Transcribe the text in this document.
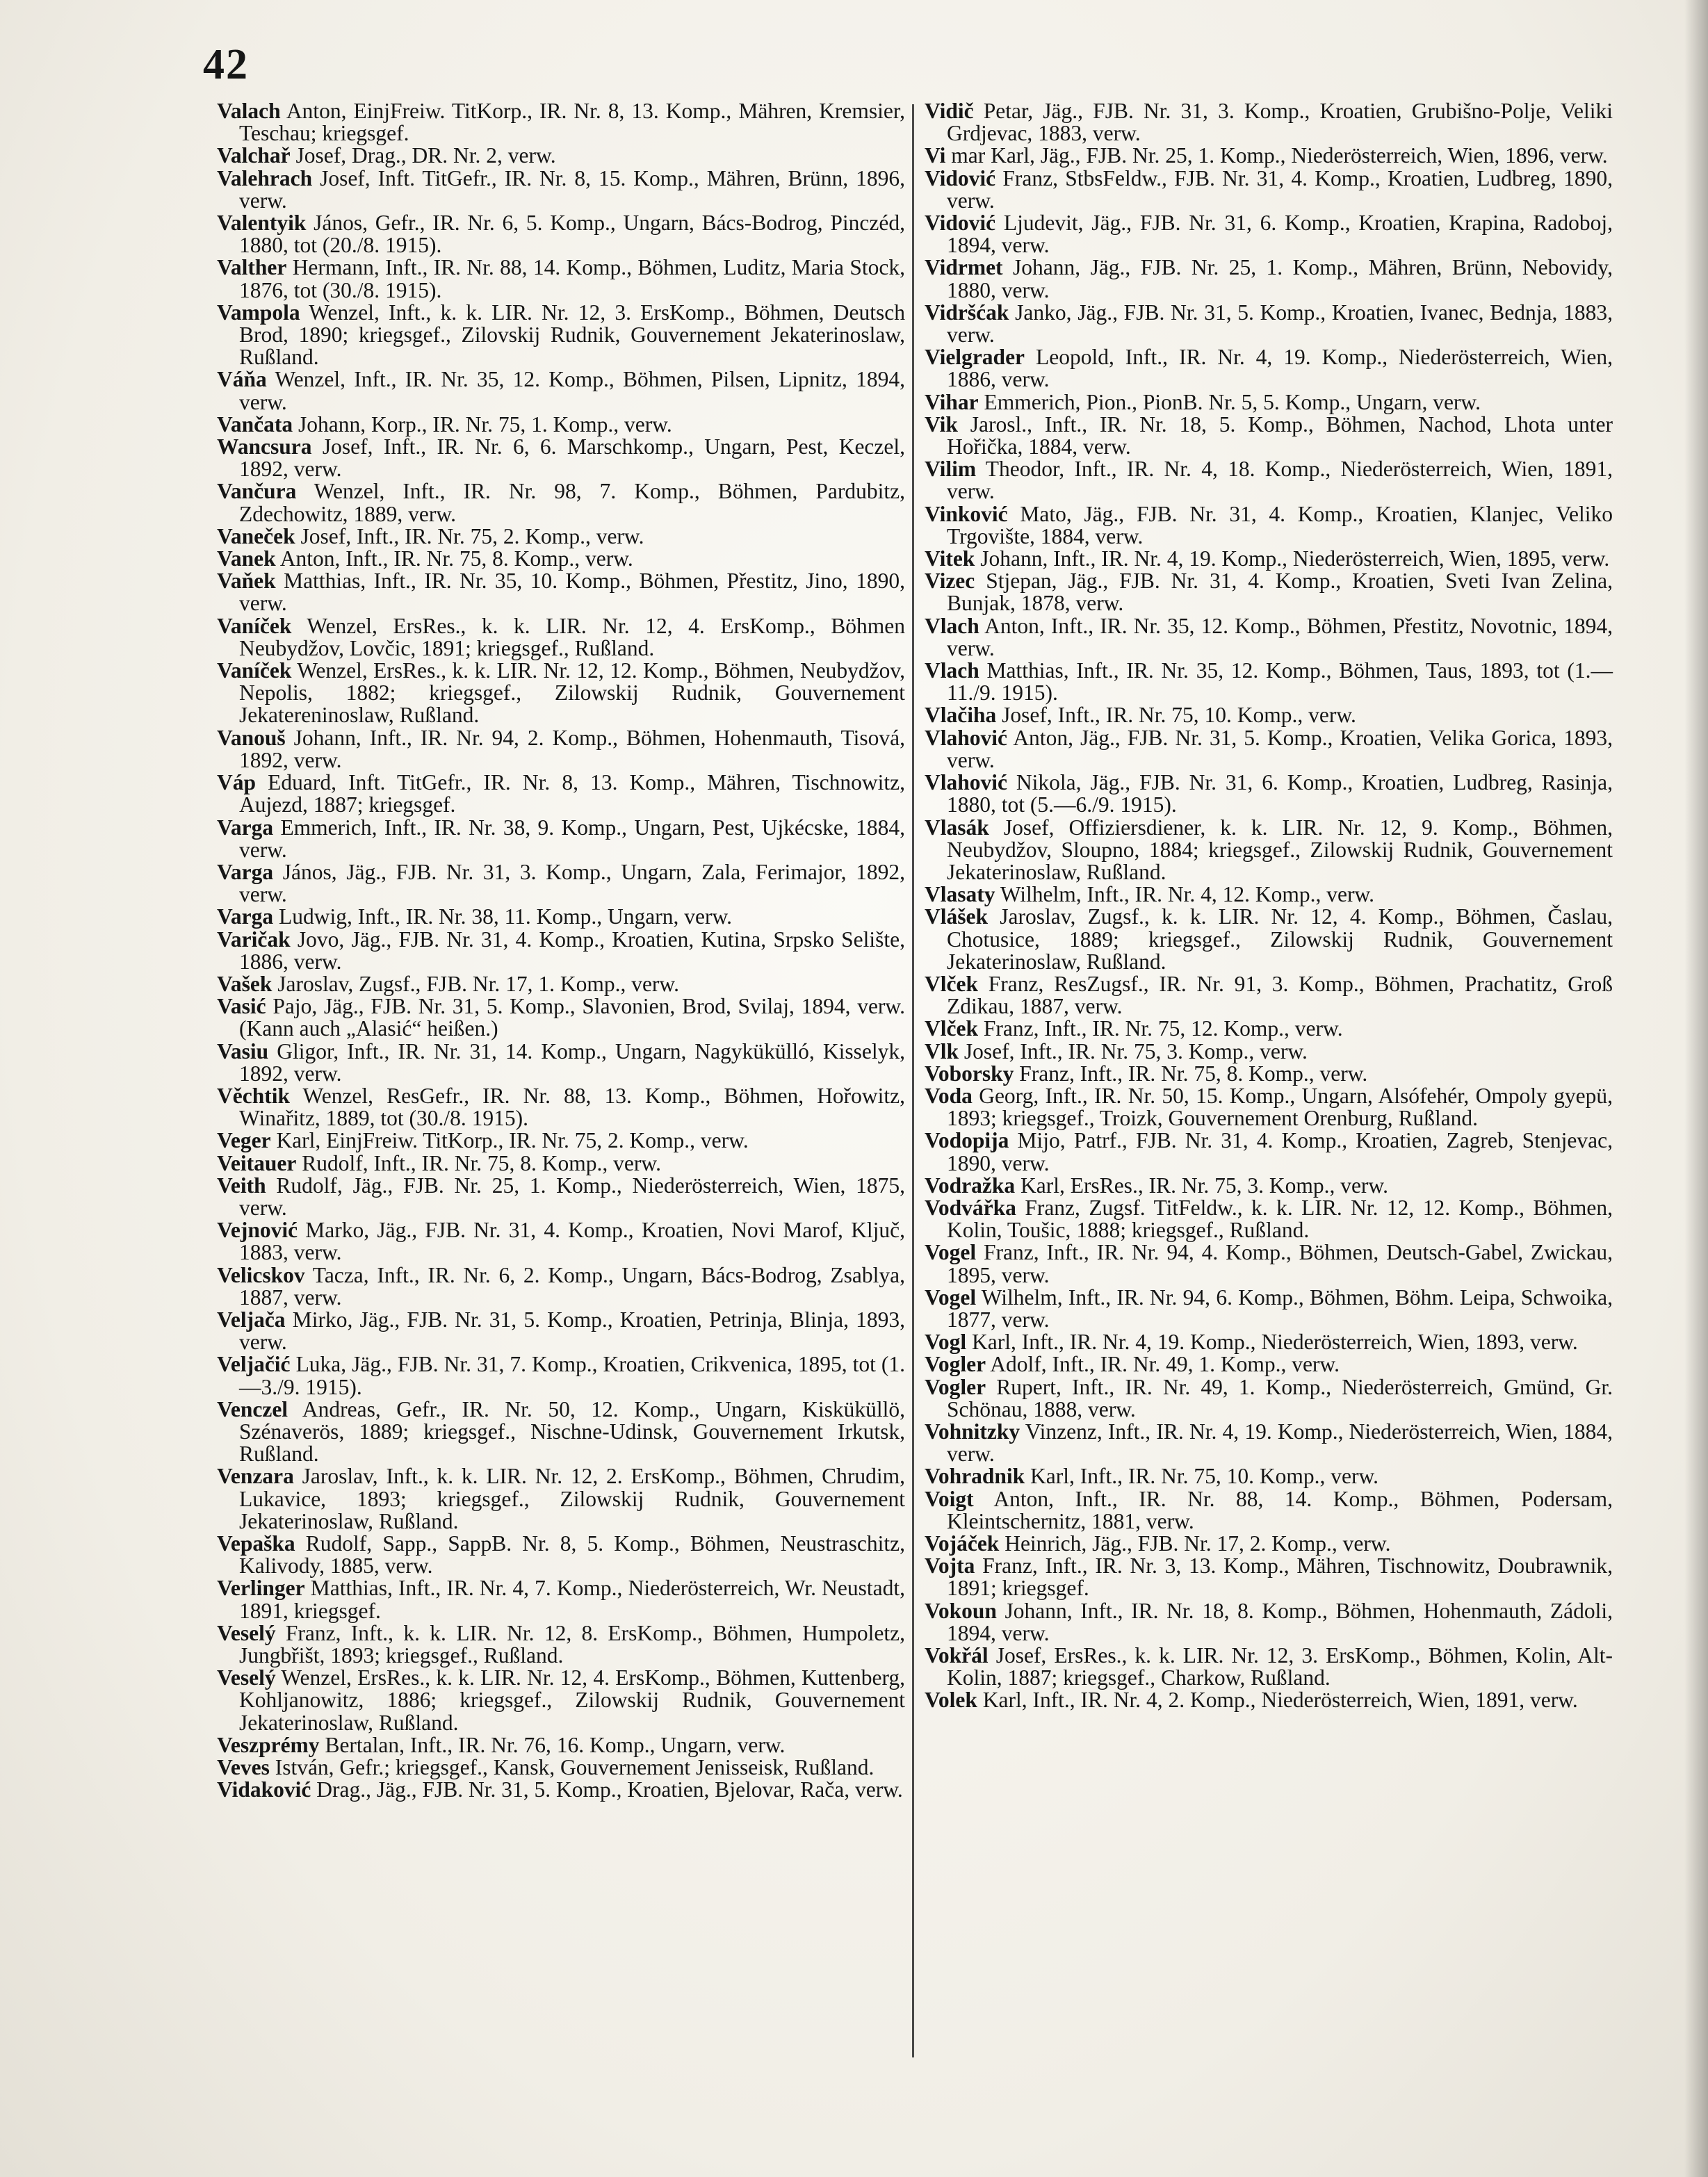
42

Valach Anton, EinjFreiw. TitKorp., IR. Nr. 8, 13. Komp., Mähren, Kremsier, Teschau; kriegsgef.

Valchař Josef, Drag., DR. Nr. 2, verw.

Valehrach Josef, Inft. TitGefr., IR. Nr. 8, 15. Komp., Mähren, Brünn, 1896, verw.

Valentyik János, Gefr., IR. Nr. 6, 5. Komp., Ungarn, Bács-Bodrog, Pinczéd, 1880, tot (20./8. 1915).

Valther Hermann, Inft., IR. Nr. 88, 14. Komp., Böhmen, Luditz, Maria Stock, 1876, tot (30./8. 1915).

Vampola Wenzel, Inft., k. k. LIR. Nr. 12, 3. ErsKomp., Böhmen, Deutsch Brod, 1890; kriegsgef., Zilovskij Rudnik, Gouvernement Jekaterinoslaw, Rußland.

Váňa Wenzel, Inft., IR. Nr. 35, 12. Komp., Böhmen, Pilsen, Lipnitz, 1894, verw.

Vančata Johann, Korp., IR. Nr. 75, 1. Komp., verw.

Wancsura Josef, Inft., IR. Nr. 6, 6. Marschkomp., Ungarn, Pest, Keczel, 1892, verw.

Vančura Wenzel, Inft., IR. Nr. 98, 7. Komp., Böhmen, Pardubitz, Zdechowitz, 1889, verw.

Vaneček Josef, Inft., IR. Nr. 75, 2. Komp., verw.

Vanek Anton, Inft., IR. Nr. 75, 8. Komp., verw.

Vaňek Matthias, Inft., IR. Nr. 35, 10. Komp., Böhmen, Přestitz, Jino, 1890, verw.

Vaníček Wenzel, ErsRes., k. k. LIR. Nr. 12, 4. ErsKomp., Böhmen Neubydžov, Lovčic, 1891; kriegsgef., Rußland.

Vaníček Wenzel, ErsRes., k. k. LIR. Nr. 12, 12. Komp., Böhmen, Neubydžov, Nepolis, 1882; kriegsgef., Zilowskij Rudnik, Gouvernement Jekatereninoslaw, Rußland.

Vanouš Johann, Inft., IR. Nr. 94, 2. Komp., Böhmen, Hohenmauth, Tisová, 1892, verw.

Váp Eduard, Inft. TitGefr., IR. Nr. 8, 13. Komp., Mähren, Tischnowitz, Aujezd, 1887; kriegsgef.

Varga Emmerich, Inft., IR. Nr. 38, 9. Komp., Ungarn, Pest, Ujkécske, 1884, verw.

Varga János, Jäg., FJB. Nr. 31, 3. Komp., Ungarn, Zala, Ferimajor, 1892, verw.

Varga Ludwig, Inft., IR. Nr. 38, 11. Komp., Ungarn, verw.

Varičak Jovo, Jäg., FJB. Nr. 31, 4. Komp., Kroatien, Kutina, Srpsko Selište, 1886, verw.

Vašek Jaroslav, Zugsf., FJB. Nr. 17, 1. Komp., verw.

Vasić Pajo, Jäg., FJB. Nr. 31, 5. Komp., Slavonien, Brod, Svilaj, 1894, verw. (Kann auch „Alasić“ heißen.)

Vasiu Gligor, Inft., IR. Nr. 31, 14. Komp., Ungarn, Nagykükülló, Kisselyk, 1892, verw.

Věchtik Wenzel, ResGefr., IR. Nr. 88, 13. Komp., Böhmen, Hořowitz, Winařitz, 1889, tot (30./8. 1915).

Veger Karl, EinjFreiw. TitKorp., IR. Nr. 75, 2. Komp., verw.

Veitauer Rudolf, Inft., IR. Nr. 75, 8. Komp., verw.

Veith Rudolf, Jäg., FJB. Nr. 25, 1. Komp., Niederösterreich, Wien, 1875, verw.

Vejnović Marko, Jäg., FJB. Nr. 31, 4. Komp., Kroatien, Novi Marof, Ključ, 1883, verw.

Velicskov Tacza, Inft., IR. Nr. 6, 2. Komp., Ungarn, Bács-Bodrog, Zsablya, 1887, verw.

Veljača Mirko, Jäg., FJB. Nr. 31, 5. Komp., Kroatien, Petrinja, Blinja, 1893, verw.

Veljačić Luka, Jäg., FJB. Nr. 31, 7. Komp., Kroatien, Crikvenica, 1895, tot (1.—3./9. 1915).

Venczel Andreas, Gefr., IR. Nr. 50, 12. Komp., Ungarn, Kisküküllö, Szénaverös, 1889; kriegsgef., Nischne-Udinsk, Gouvernement Irkutsk, Rußland.

Venzara Jaroslav, Inft., k. k. LIR. Nr. 12, 2. ErsKomp., Böhmen, Chrudim, Lukavice, 1893; kriegsgef., Zilowskij Rudnik, Gouvernement Jekaterinoslaw, Rußland.

Vepaška Rudolf, Sapp., SappB. Nr. 8, 5. Komp., Böhmen, Neustraschitz, Kalivody, 1885, verw.

Verlinger Matthias, Inft., IR. Nr. 4, 7. Komp., Niederösterreich, Wr. Neustadt, 1891, kriegsgef.

Veselý Franz, Inft., k. k. LIR. Nr. 12, 8. ErsKomp., Böhmen, Humpoletz, Jungbřišt, 1893; kriegsgef., Rußland.

Veselý Wenzel, ErsRes., k. k. LIR. Nr. 12, 4. ErsKomp., Böhmen, Kuttenberg, Kohljanowitz, 1886; kriegsgef., Zilowskij Rudnik, Gouvernement Jekaterinoslaw, Rußland.

Veszprémy Bertalan, Inft., IR. Nr. 76, 16. Komp., Ungarn, verw.

Veves István, Gefr.; kriegsgef., Kansk, Gouvernement Jenisseisk, Rußland.

Vidaković Drag., Jäg., FJB. Nr. 31, 5. Komp., Kroatien, Bjelovar, Rača, verw.

Vidič Petar, Jäg., FJB. Nr. 31, 3. Komp., Kroatien, Grubišno-Polje, Veliki Grdjevac, 1883, verw.

Vi mar Karl, Jäg., FJB. Nr. 25, 1. Komp., Niederösterreich, Wien, 1896, verw.

Vidović Franz, StbsFeldw., FJB. Nr. 31, 4. Komp., Kroatien, Ludbreg, 1890, verw.

Vidović Ljudevit, Jäg., FJB. Nr. 31, 6. Komp., Kroatien, Krapina, Radoboj, 1894, verw.

Vidrmet Johann, Jäg., FJB. Nr. 25, 1. Komp., Mähren, Brünn, Nebovidy, 1880, verw.

Vidršćak Janko, Jäg., FJB. Nr. 31, 5. Komp., Kroatien, Ivanec, Bednja, 1883, verw.

Vielgrader Leopold, Inft., IR. Nr. 4, 19. Komp., Niederösterreich, Wien, 1886, verw.

Vihar Emmerich, Pion., PionB. Nr. 5, 5. Komp., Ungarn, verw.

Vik Jarosl., Inft., IR. Nr. 18, 5. Komp., Böhmen, Nachod, Lhota unter Hořička, 1884, verw.

Vilim Theodor, Inft., IR. Nr. 4, 18. Komp., Niederösterreich, Wien, 1891, verw.

Vinković Mato, Jäg., FJB. Nr. 31, 4. Komp., Kroatien, Klanjec, Veliko Trgovište, 1884, verw.

Vitek Johann, Inft., IR. Nr. 4, 19. Komp., Niederösterreich, Wien, 1895, verw.

Vizec Stjepan, Jäg., FJB. Nr. 31, 4. Komp., Kroatien, Sveti Ivan Zelina, Bunjak, 1878, verw.

Vlach Anton, Inft., IR. Nr. 35, 12. Komp., Böhmen, Přestitz, Novotnic, 1894, verw.

Vlach Matthias, Inft., IR. Nr. 35, 12. Komp., Böhmen, Taus, 1893, tot (1.—11./9. 1915).

Vlačiha Josef, Inft., IR. Nr. 75, 10. Komp., verw.

Vlahović Anton, Jäg., FJB. Nr. 31, 5. Komp., Kroatien, Velika Gorica, 1893, verw.

Vlahović Nikola, Jäg., FJB. Nr. 31, 6. Komp., Kroatien, Ludbreg, Rasinja, 1880, tot (5.—6./9. 1915).

Vlasák Josef, Offiziersdiener, k. k. LIR. Nr. 12, 9. Komp., Böhmen, Neubydžov, Sloupno, 1884; kriegsgef., Zilowskij Rudnik, Gouvernement Jekaterinoslaw, Rußland.

Vlasaty Wilhelm, Inft., IR. Nr. 4, 12. Komp., verw.

Vlášek Jaroslav, Zugsf., k. k. LIR. Nr. 12, 4. Komp., Böhmen, Časlau, Chotusice, 1889; kriegsgef., Zilowskij Rudnik, Gouvernement Jekaterinoslaw, Rußland.

Vlček Franz, ResZugsf., IR. Nr. 91, 3. Komp., Böhmen, Prachatitz, Groß Zdikau, 1887, verw.

Vlček Franz, Inft., IR. Nr. 75, 12. Komp., verw.

Vlk Josef, Inft., IR. Nr. 75, 3. Komp., verw.

Voborsky Franz, Inft., IR. Nr. 75, 8. Komp., verw.

Voda Georg, Inft., IR. Nr. 50, 15. Komp., Ungarn, Alsófehér, Ompoly gyepü, 1893; kriegsgef., Troizk, Gouvernement Orenburg, Rußland.

Vodopija Mijo, Patrf., FJB. Nr. 31, 4. Komp., Kroatien, Zagreb, Stenjevac, 1890, verw.

Vodražka Karl, ErsRes., IR. Nr. 75, 3. Komp., verw.

Vodvářka Franz, Zugsf. TitFeldw., k. k. LIR. Nr. 12, 12. Komp., Böhmen, Kolin, Toušic, 1888; kriegsgef., Rußland.

Vogel Franz, Inft., IR. Nr. 94, 4. Komp., Böhmen, Deutsch-Gabel, Zwickau, 1895, verw.

Vogel Wilhelm, Inft., IR. Nr. 94, 6. Komp., Böhmen, Böhm. Leipa, Schwoika, 1877, verw.

Vogl Karl, Inft., IR. Nr. 4, 19. Komp., Niederösterreich, Wien, 1893, verw.

Vogler Adolf, Inft., IR. Nr. 49, 1. Komp., verw.

Vogler Rupert, Inft., IR. Nr. 49, 1. Komp., Niederösterreich, Gmünd, Gr. Schönau, 1888, verw.

Vohnitzky Vinzenz, Inft., IR. Nr. 4, 19. Komp., Niederösterreich, Wien, 1884, verw.

Vohradnik Karl, Inft., IR. Nr. 75, 10. Komp., verw.

Voigt Anton, Inft., IR. Nr. 88, 14. Komp., Böhmen, Podersam, Kleintschernitz, 1881, verw.

Vojáček Heinrich, Jäg., FJB. Nr. 17, 2. Komp., verw.

Vojta Franz, Inft., IR. Nr. 3, 13. Komp., Mähren, Tischnowitz, Doubrawnik, 1891; kriegsgef.

Vokoun Johann, Inft., IR. Nr. 18, 8. Komp., Böhmen, Hohenmauth, Zádoli, 1894, verw.

Vokřál Josef, ErsRes., k. k. LIR. Nr. 12, 3. ErsKomp., Böhmen, Kolin, Alt-Kolin, 1887; kriegsgef., Charkow, Rußland.

Volek Karl, Inft., IR. Nr. 4, 2. Komp., Niederösterreich, Wien, 1891, verw.
